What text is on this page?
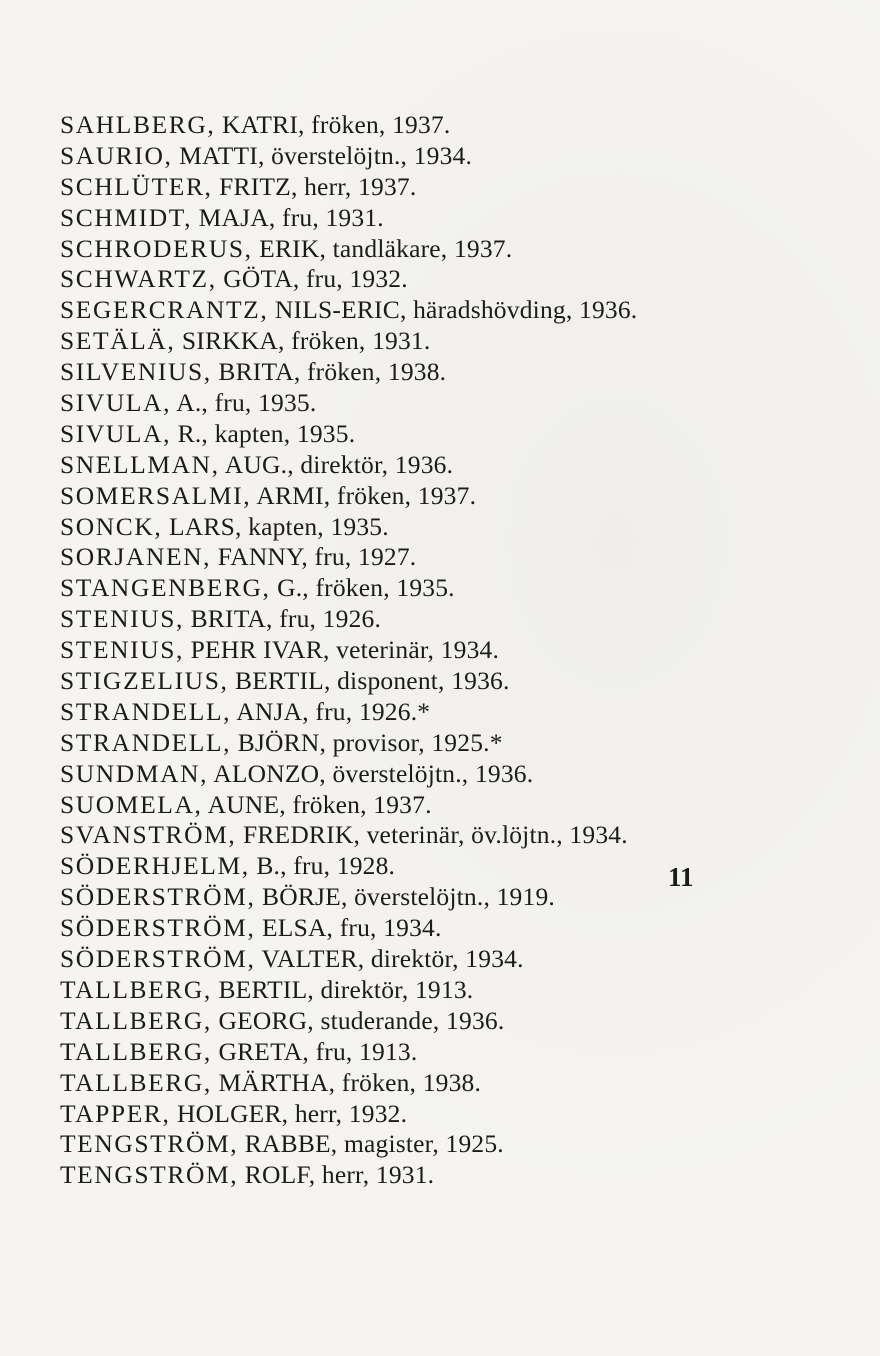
SAHLBERG, KATRI, fröken, 1937.
SAURIO, MATTI, överstelöjtn., 1934.
SCHLÜTER, FRITZ, herr, 1937.
SCHMIDT, MAJA, fru, 1931.
SCHRODERUS, ERIK, tandläkare, 1937.
SCHWARTZ, GÖTA, fru, 1932.
SEGERCRANTZ, NILS-ERIC, häradshövding, 1936.
SETÄLÄ, SIRKKA, fröken, 1931.
SILVENIUS, BRITA, fröken, 1938.
SIVULA, A., fru, 1935.
SIVULA, R., kapten, 1935.
SNELLMAN, AUG., direktör, 1936.
SOMERSALMI, ARMI, fröken, 1937.
SONCK, LARS, kapten, 1935.
SORJANEN, FANNY, fru, 1927.
STANGENBERG, G., fröken, 1935.
STENIUS, BRITA, fru, 1926.
STENIUS, PEHR IVAR, veterinär, 1934.
STIGZELIUS, BERTIL, disponent, 1936.
STRANDELL, ANJA, fru, 1926.*
STRANDELL, BJÖRN, provisor, 1925.*
SUNDMAN, ALONZO, överstelöjtn., 1936.
SUOMELA, AUNE, fröken, 1937.
SVANSTRÖM, FREDRIK, veterinär, öv.löjtn., 1934.
SÖDERHJELM, B., fru, 1928.
SÖDERSTRÖM, BÖRJE, överstelöjtn., 1919.
SÖDERSTRÖM, ELSA, fru, 1934.
SÖDERSTRÖM, VALTER, direktör, 1934.
TALLBERG, BERTIL, direktör, 1913.
TALLBERG, GEORG, studerande, 1936.
TALLBERG, GRETA, fru, 1913.
TALLBERG, MÄRTHA, fröken, 1938.
TAPPER, HOLGER, herr, 1932.
TENGSTRÖM, RABBE, magister, 1925.
TENGSTRÖM, ROLF, herr, 1931.
11
